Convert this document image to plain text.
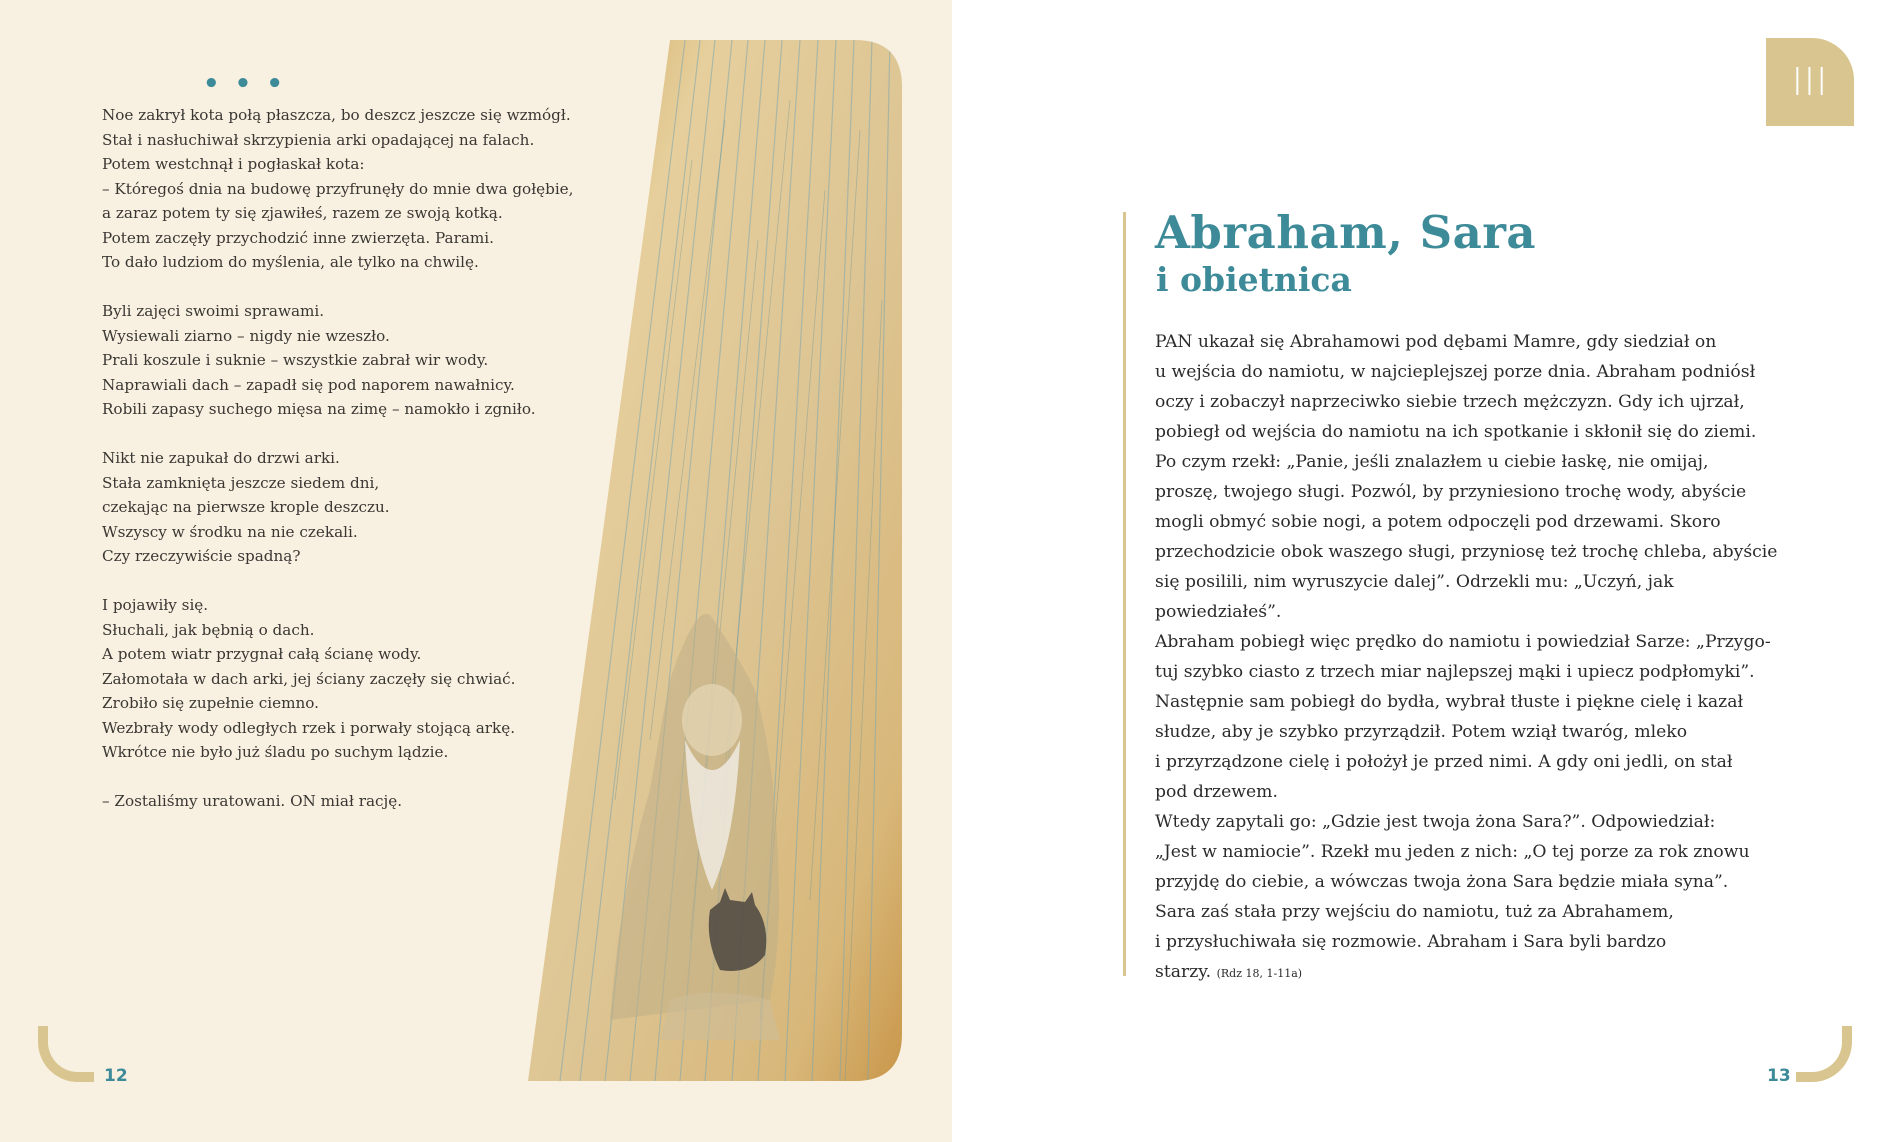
• • •
Noe zakrył kota połą płaszcza, bo deszcz jeszcze się wzmógł.
Stał i nasłuchiwał skrzypienia arki opadającej na falach.
Potem westchnął i pogłaskał kota:
– Któregoś dnia na budowę przyfrunęły do mnie dwa gołębie,
a zaraz potem ty się zjawiłeś, razem ze swoją kotką.
Potem zaczęły przychodzić inne zwierzęta. Parami.
To dało ludziom do myślenia, ale tylko na chwilę.
Byli zajęci swoimi sprawami.
Wysiewali ziarno – nigdy nie wzeszło.
Prali koszule i suknie – wszystkie zabrał wir wody.
Naprawiali dach – zapadł się pod naporem nawałnicy.
Robili zapasy suchego mięsa na zimę – namokło i zgniło.
Nikt nie zapukał do drzwi arki.
Stała zamknięta jeszcze siedem dni,
czekając na pierwsze krople deszczu.
Wszyscy w środku na nie czekali.
Czy rzeczywiście spadną?
I pojawiły się.
Słuchali, jak bębnią o dach.
A potem wiatr przygnał całą ścianę wody.
Załomotała w dach arki, jej ściany zaczęły się chwiać.
Zrobiło się zupełnie ciemno.
Wezbrały wody odległych rzek i porwały stojącą arkę.
Wkrótce nie było już śladu po suchym lądzie.
– Zostaliśmy uratowani. ON miał rację.
12
III
Abraham, Sara
i obietnica
PAN ukazał się Abrahamowi pod dębami Mamre, gdy siedział on
u wejścia do namiotu, w najcieplejszej porze dnia. Abraham podniósł
oczy i zobaczył naprzeciwko siebie trzech mężczyzn. Gdy ich ujrzał,
pobiegł od wejścia do namiotu na ich spotkanie i skłonił się do ziemi.
Po czym rzekł: „Panie, jeśli znalazłem u ciebie łaskę, nie omijaj,
proszę, twojego sługi. Pozwól, by przyniesiono trochę wody, abyście
mogli obmyć sobie nogi, a potem odpoczęli pod drzewami. Skoro
przechodzicie obok waszego sługi, przyniosę też trochę chleba, abyście
się posilili, nim wyruszycie dalej”. Odrzekli mu: „Uczyń, jak
powiedziałeś”.
Abraham pobiegł więc prędko do namiotu i powiedział Sarze: „Przygo-
tuj szybko ciasto z trzech miar najlepszej mąki i upiecz podpłomyki”.
Następnie sam pobiegł do bydła, wybrał tłuste i piękne cielę i kazał
słudze, aby je szybko przyrządził. Potem wziął twaróg, mleko
i przyrządzone cielę i położył je przed nimi. A gdy oni jedli, on stał
pod drzewem.
Wtedy zapytali go: „Gdzie jest twoja żona Sara?”. Odpowiedział:
„Jest w namiocie”. Rzekł mu jeden z nich: „O tej porze za rok znowu
przyjdę do ciebie, a wówczas twoja żona Sara będzie miała syna”.
Sara zaś stała przy wejściu do namiotu, tuż za Abrahamem,
i przysłuchiwała się rozmowie. Abraham i Sara byli bardzo
starzy. (Rdz 18, 1-11a)
13
